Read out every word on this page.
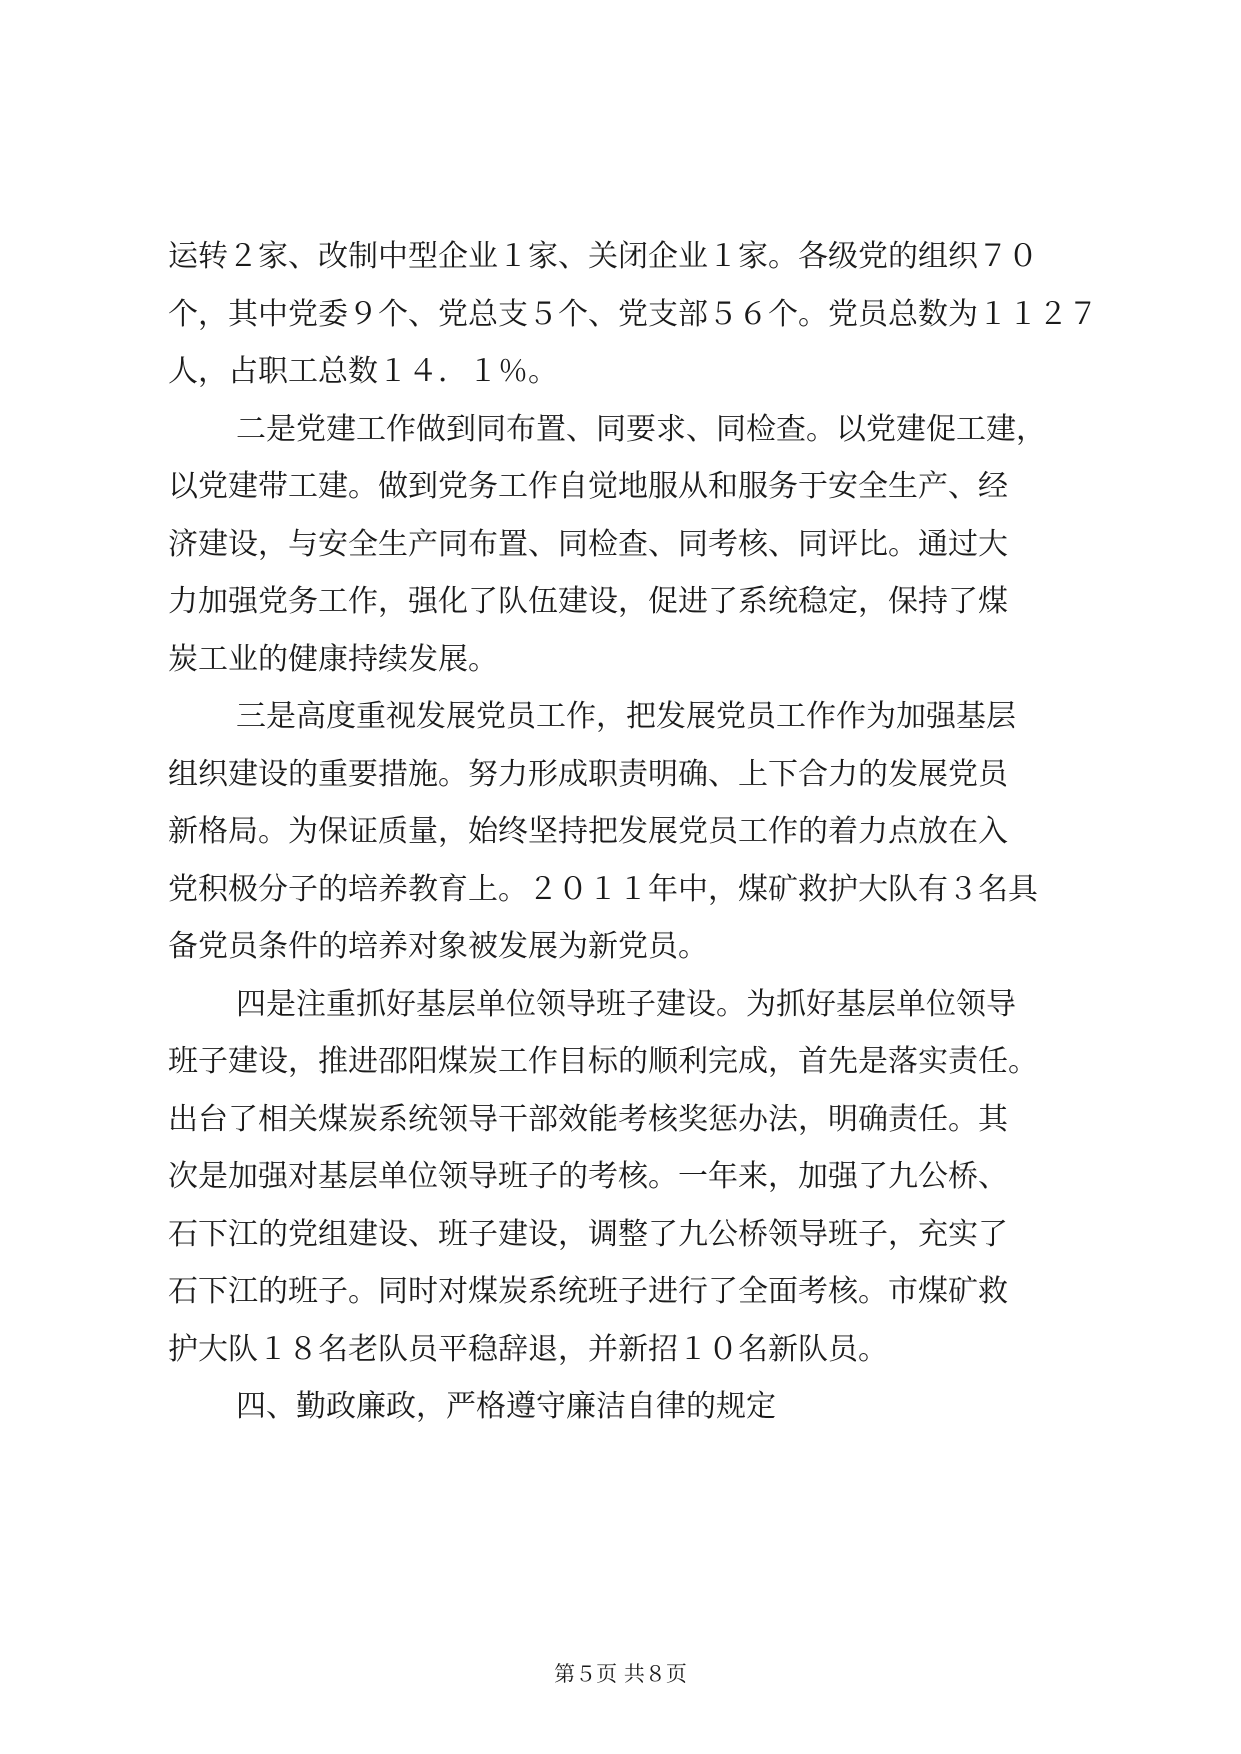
运转２家、改制中型企业１家、关闭企业１家。各级党的组织７０
个，其中党委９个、党总支５个、党支部５６个。党员总数为１１２７
人，占职工总数１４．１％。
二是党建工作做到同布置、同要求、同检查。以党建促工建，
以党建带工建。做到党务工作自觉地服从和服务于安全生产、经
济建设，与安全生产同布置、同检查、同考核、同评比。通过大
力加强党务工作，强化了队伍建设，促进了系统稳定，保持了煤
炭工业的健康持续发展。
三是高度重视发展党员工作，把发展党员工作作为加强基层
组织建设的重要措施。努力形成职责明确、上下合力的发展党员
新格局。为保证质量，始终坚持把发展党员工作的着力点放在入
党积极分子的培养教育上。２０１１年中，煤矿救护大队有３名具
备党员条件的培养对象被发展为新党员。
四是注重抓好基层单位领导班子建设。为抓好基层单位领导
班子建设，推进邵阳煤炭工作目标的顺利完成，首先是落实责任。
出台了相关煤炭系统领导干部效能考核奖惩办法，明确责任。其
次是加强对基层单位领导班子的考核。一年来，加强了九公桥、
石下江的党组建设、班子建设，调整了九公桥领导班子，充实了
石下江的班子。同时对煤炭系统班子进行了全面考核。市煤矿救
护大队１８名老队员平稳辞退，并新招１０名新队员。
四、勤政廉政，严格遵守廉洁自律的规定
第５页 共８页
